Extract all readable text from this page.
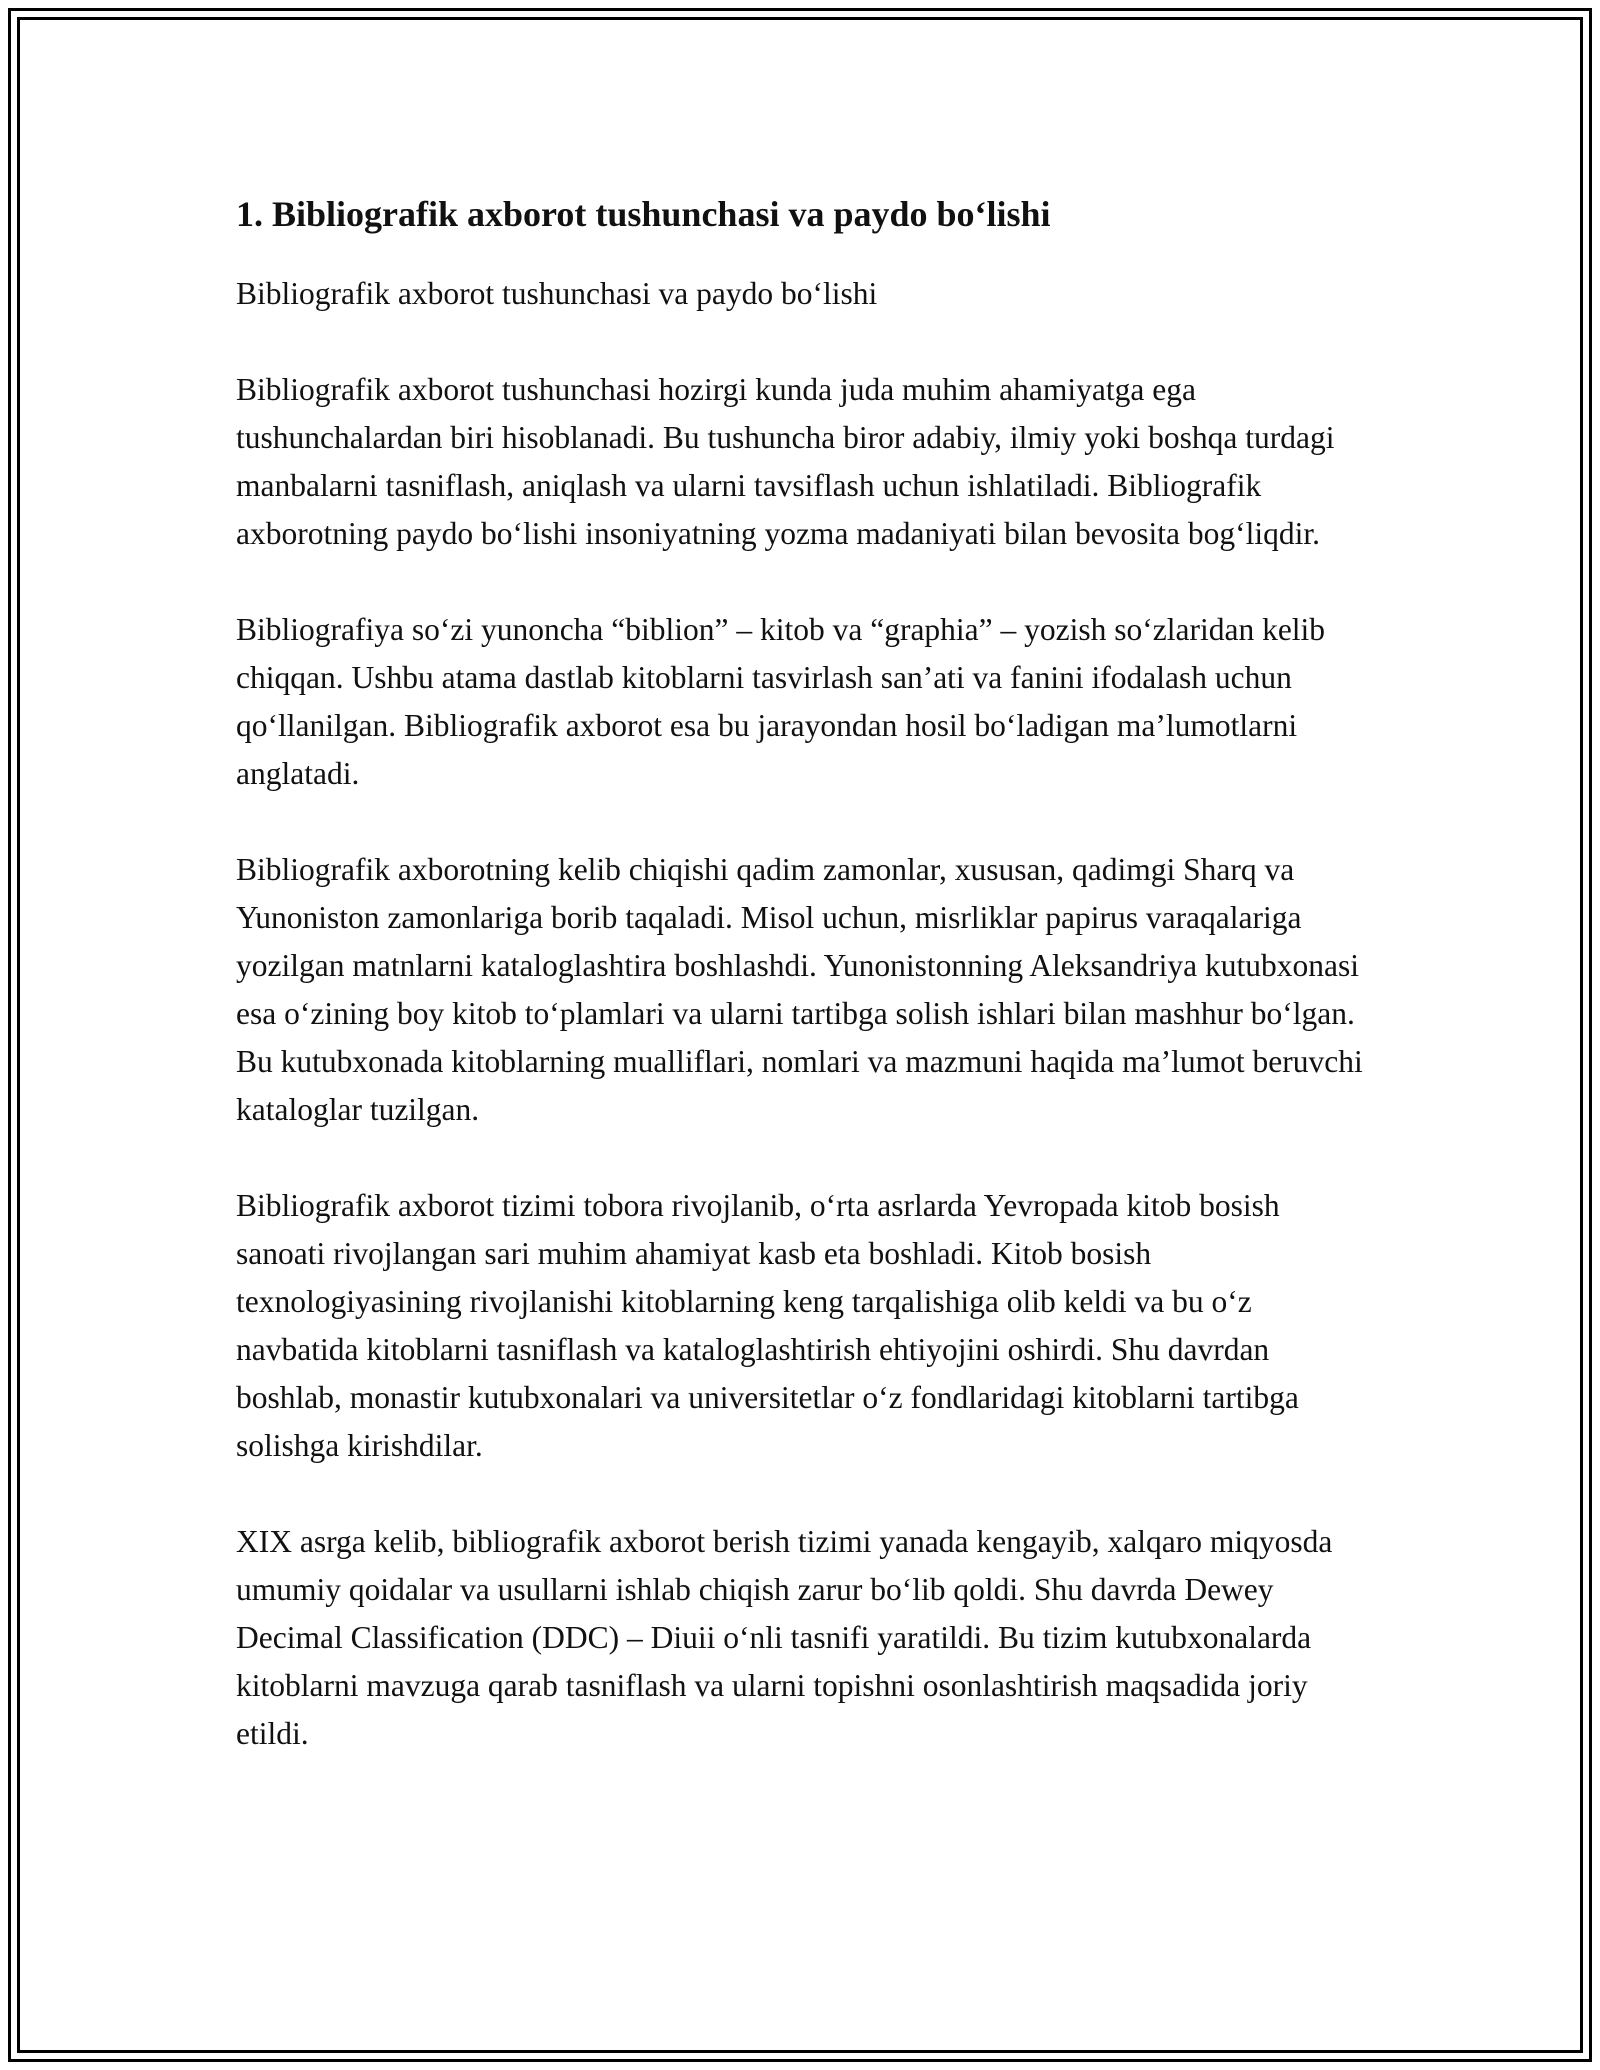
1. Bibliografik axborot tushunchasi va paydo bo‘lishi

Bibliografik axborot tushunchasi va paydo bo‘lishi

Bibliografik axborot tushunchasi hozirgi kunda juda muhim ahamiyatga ega tushunchalardan biri hisoblanadi. Bu tushuncha biror adabiy, ilmiy yoki boshqa turdagi manbalarni tasniflash, aniqlash va ularni tavsiflash uchun ishlatiladi. Bibliografik axborotning paydo bo‘lishi insoniyatning yozma madaniyati bilan bevosita bog‘liqdir.

Bibliografiya so‘zi yunoncha “biblion” – kitob va “graphia” – yozish so‘zlaridan kelib chiqqan. Ushbu atama dastlab kitoblarni tasvirlash san’ati va fanini ifodalash uchun qo‘llanilgan. Bibliografik axborot esa bu jarayondan hosil bo‘ladigan ma’lumotlarni anglatadi.

Bibliografik axborotning kelib chiqishi qadim zamonlar, xususan, qadimgi Sharq va Yunoniston zamonlariga borib taqaladi. Misol uchun, misrliklar papirus varaqalariga yozilgan matnlarni kataloglashtira boshlashdi. Yunonistonning Aleksandriya kutubxonasi esa o‘zining boy kitob to‘plamlari va ularni tartibga solish ishlari bilan mashhur bo‘lgan. Bu kutubxonada kitoblarning mualliflari, nomlari va mazmuni haqida ma’lumot beruvchi kataloglar tuzilgan.

Bibliografik axborot tizimi tobora rivojlanib, o‘rta asrlarda Yevropada kitob bosish sanoati rivojlangan sari muhim ahamiyat kasb eta boshladi. Kitob bosish texnologiyasining rivojlanishi kitoblarning keng tarqalishiga olib keldi va bu o‘z navbatida kitoblarni tasniflash va kataloglashtirish ehtiyojini oshirdi. Shu davrdan boshlab, monastir kutubxonalari va universitetlar o‘z fondlaridagi kitoblarni tartibga solishga kirishdilar.

XIX asrga kelib, bibliografik axborot berish tizimi yanada kengayib, xalqaro miqyosda umumiy qoidalar va usullarni ishlab chiqish zarur bo‘lib qoldi. Shu davrda Dewey Decimal Classification (DDC) – Diuii o‘nli tasnifi yaratildi. Bu tizim kutubxonalarda kitoblarni mavzuga qarab tasniflash va ularni topishni osonlashtirish maqsadida joriy etildi.
